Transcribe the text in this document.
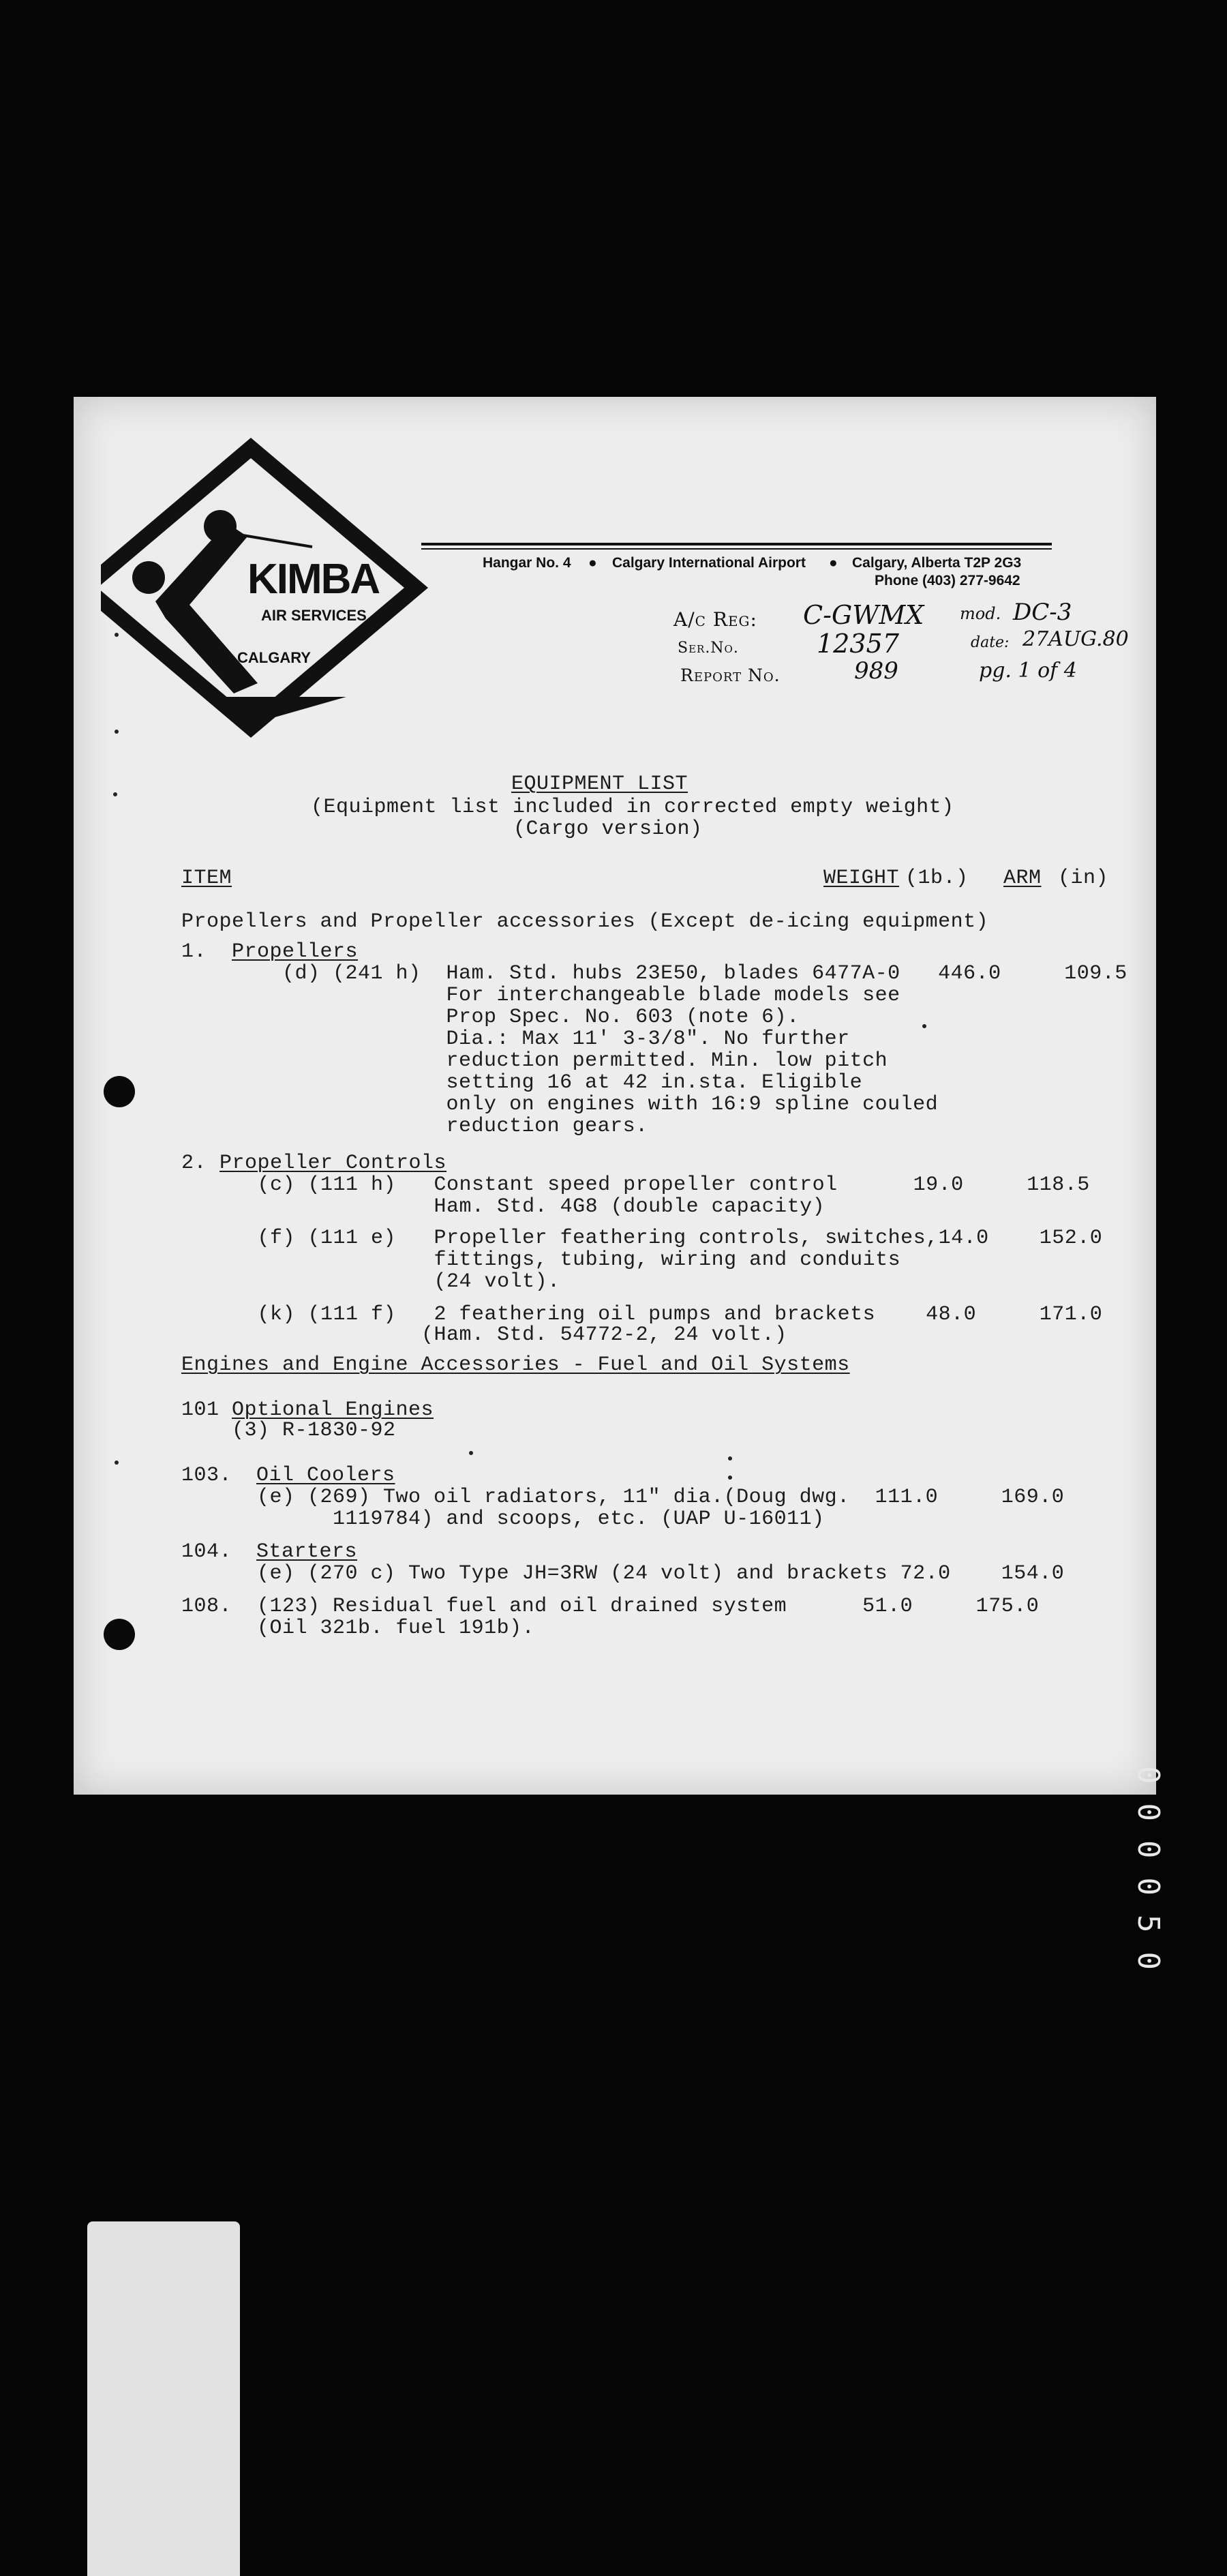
KIMBA
AIR SERVICES
CALGARY
Hangar No. 4 ● Calgary International Airport ● Calgary, Alberta T2P 2G3
Phone (403) 277-9642
A/c Reg: C-GWMX
Ser.No.	12357
Report No.	989
mod. DC-3
date: 27AUG.80
pg. 1 of 4
EQUIPMENT LIST
(Equipment list included in corrected empty weight)
(Cargo version)
ITEM	WEIGHT (1b.) ARM (in)
Propellers and Propeller accessories (Except de-icing equipment)
1. Propellers
(d) (241 h)  Ham. Std. hubs 23E50, blades 6477A-0   446.0     109.5
For interchangeable blade models see
Prop Spec. No. 603 (note 6).
Dia.: Max 11' 3-3/8". No further
reduction permitted. Min. low pitch
setting 16 at 42 in.sta. Eligible
only on engines with 16:9 spline couled
reduction gears.
2. Propeller Controls
(c) (111 h)   Constant speed propeller control      19.0     118.5
Ham. Std. 4G8 (double capacity)
(f) (111 e)   Propeller feathering controls, switches,14.0    152.0
fittings, tubing, wiring and conduits
(24 volt).
(k) (111 f)   2 feathering oil pumps and brackets    48.0     171.0
(Ham. Std. 54772-2, 24 volt.)
Engines and Engine Accessories - Fuel and Oil Systems
101 Optional Engines
(3) R-1830-92
103. Oil Coolers
(e) (269) Two oil radiators, 11" dia.(Doug dwg.  111.0     169.0
1119784) and scoops, etc. (UAP U-16011)
104. Starters
(e) (270 c) Two Type JH=3RW (24 volt) and brackets 72.0    154.0
108.  (123) Residual fuel and oil drained system      51.0     175.0
(Oil 321b. fuel 191b).
000050
